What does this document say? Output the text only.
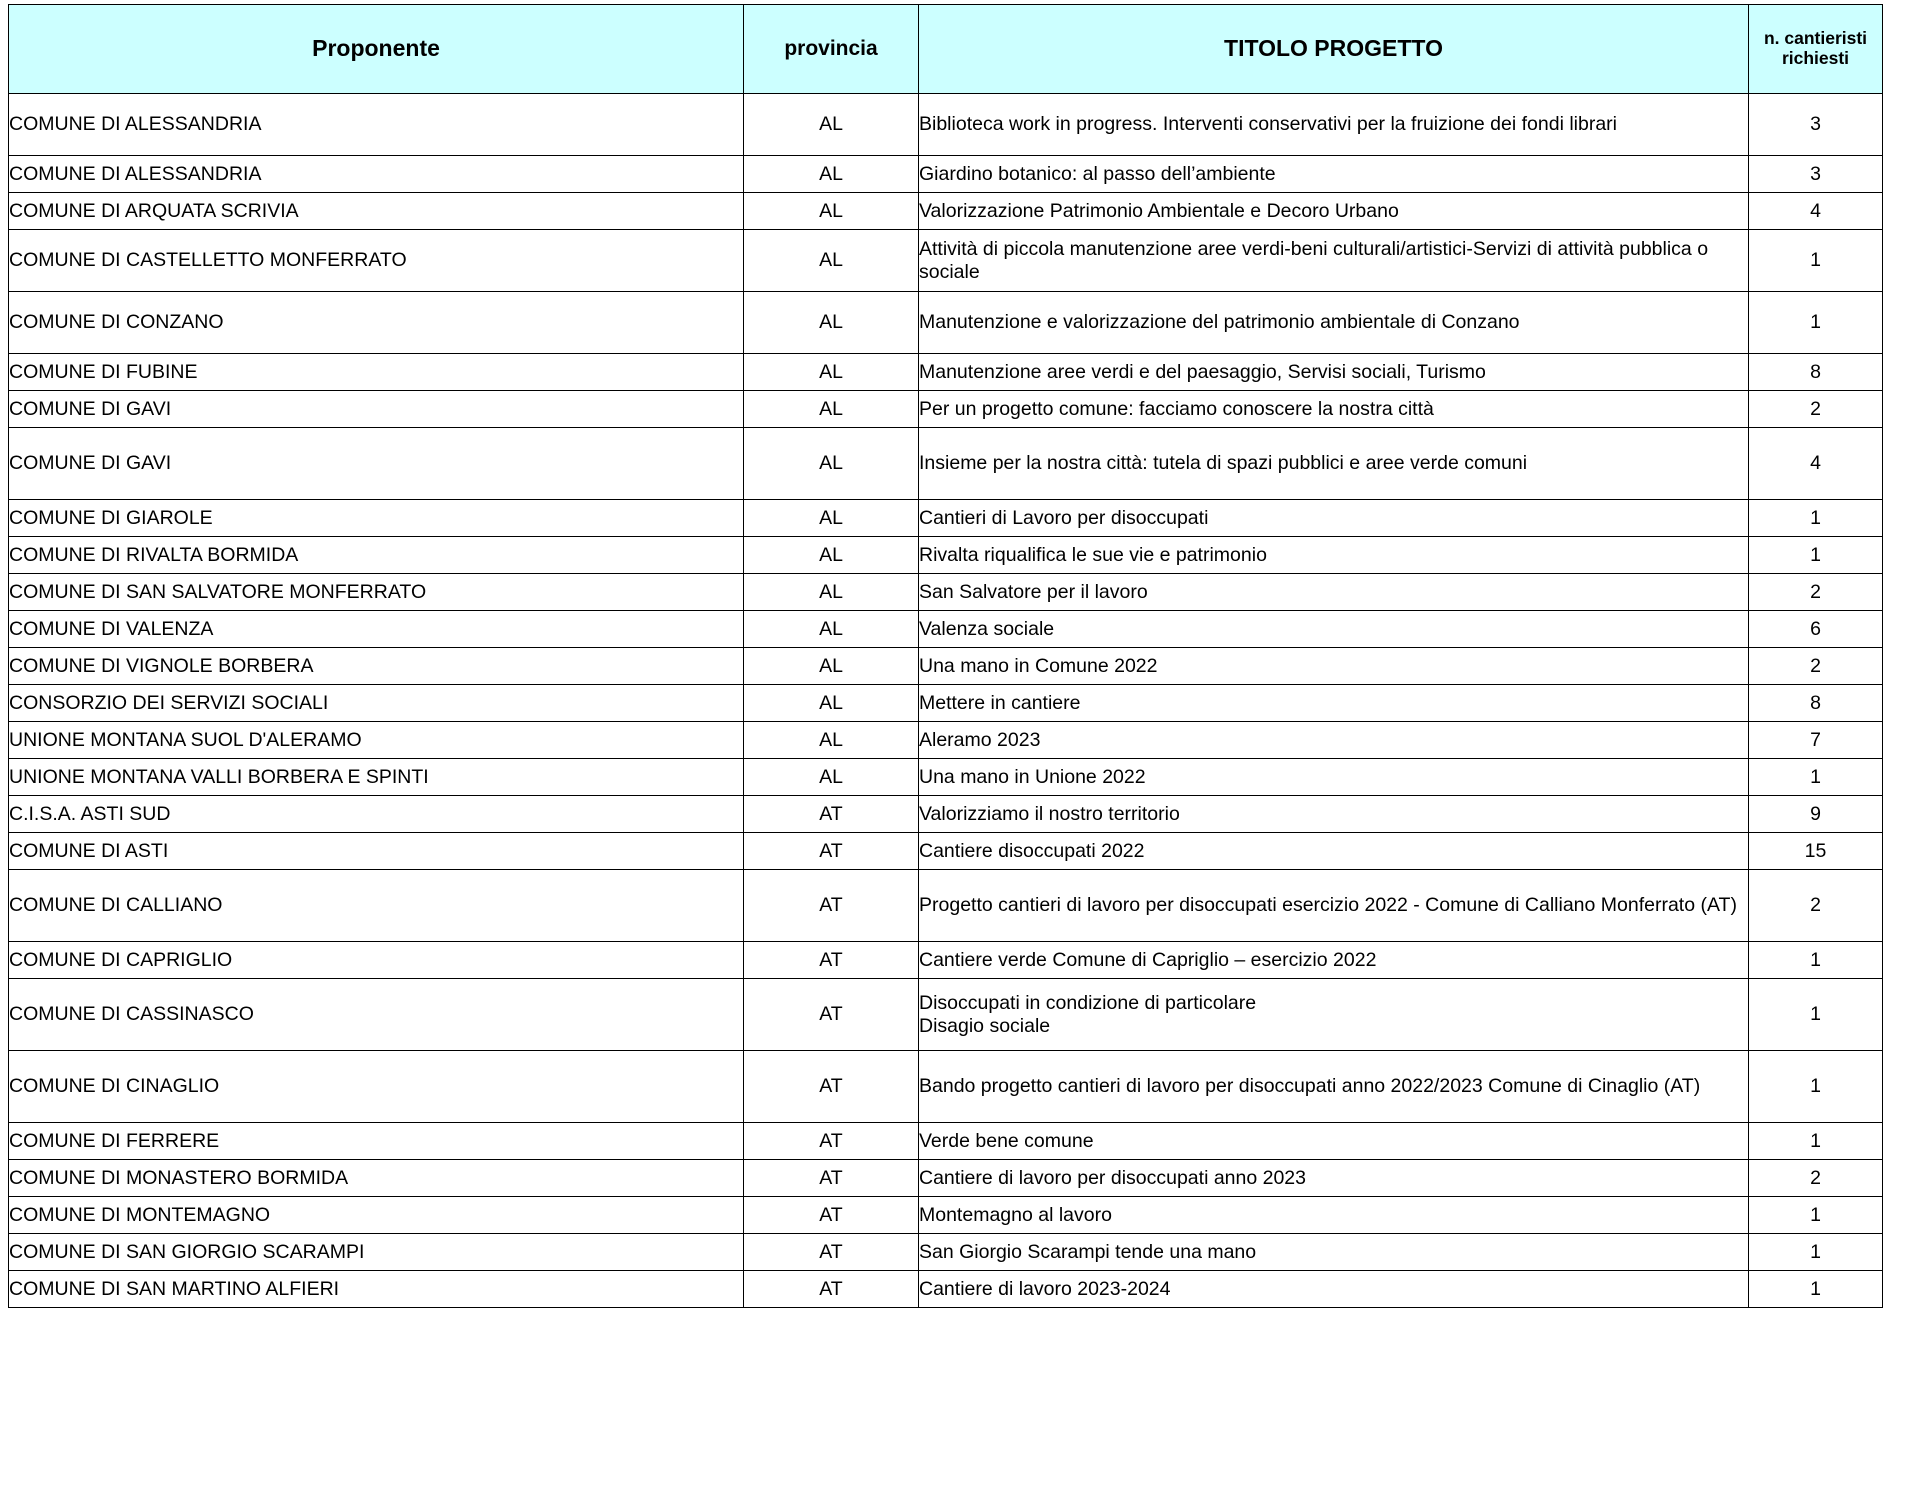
Proponente	provincia	TITOLO PROGETTO	n. cantieristi richiesti
COMUNE DI ALESSANDRIA	AL	Biblioteca work in progress. Interventi conservativi per la fruizione dei fondi librari	3
COMUNE DI ALESSANDRIA	AL	Giardino botanico: al passo dell’ambiente	3
COMUNE DI ARQUATA SCRIVIA	AL	Valorizzazione Patrimonio Ambientale e Decoro Urbano	4
COMUNE DI CASTELLETTO MONFERRATO	AL	Attività di piccola manutenzione aree verdi-beni culturali/artistici-Servizi di attività pubblica o sociale	1
COMUNE DI CONZANO	AL	Manutenzione e valorizzazione del patrimonio ambientale di Conzano	1
COMUNE DI FUBINE	AL	Manutenzione aree verdi e del paesaggio, Servisi sociali, Turismo	8
COMUNE DI GAVI	AL	Per un progetto comune: facciamo conoscere la nostra città	2
COMUNE DI GAVI	AL	Insieme per la nostra città: tutela di spazi pubblici e aree verde comuni	4
COMUNE DI GIAROLE	AL	Cantieri di Lavoro per disoccupati	1
COMUNE DI RIVALTA BORMIDA	AL	Rivalta riqualifica le sue vie e patrimonio	1
COMUNE DI SAN SALVATORE MONFERRATO	AL	San Salvatore per il lavoro	2
COMUNE DI VALENZA	AL	Valenza sociale	6
COMUNE DI VIGNOLE BORBERA	AL	Una mano in Comune 2022	2
CONSORZIO DEI SERVIZI SOCIALI	AL	Mettere in cantiere	8
UNIONE MONTANA SUOL D'ALERAMO	AL	Aleramo 2023	7
UNIONE MONTANA VALLI BORBERA E SPINTI	AL	Una mano in Unione 2022	1
C.I.S.A. ASTI SUD	AT	Valorizziamo il nostro territorio	9
COMUNE DI ASTI	AT	Cantiere disoccupati 2022	15
COMUNE DI CALLIANO	AT	Progetto cantieri di lavoro per disoccupati esercizio 2022 - Comune di Calliano Monferrato (AT)	2
COMUNE DI CAPRIGLIO	AT	Cantiere verde Comune di Capriglio – esercizio 2022	1
COMUNE DI CASSINASCO	AT	Disoccupati in condizione di particolare
Disagio sociale	1
COMUNE DI CINAGLIO	AT	Bando progetto cantieri di lavoro per disoccupati anno 2022/2023 Comune di Cinaglio (AT)	1
COMUNE DI FERRERE	AT	Verde bene comune	1
COMUNE DI MONASTERO BORMIDA	AT	Cantiere di lavoro per disoccupati anno 2023	2
COMUNE DI MONTEMAGNO	AT	Montemagno al lavoro	1
COMUNE DI SAN GIORGIO SCARAMPI	AT	San Giorgio Scarampi tende una mano	1
COMUNE DI SAN MARTINO ALFIERI	AT	Cantiere di lavoro 2023-2024	1
